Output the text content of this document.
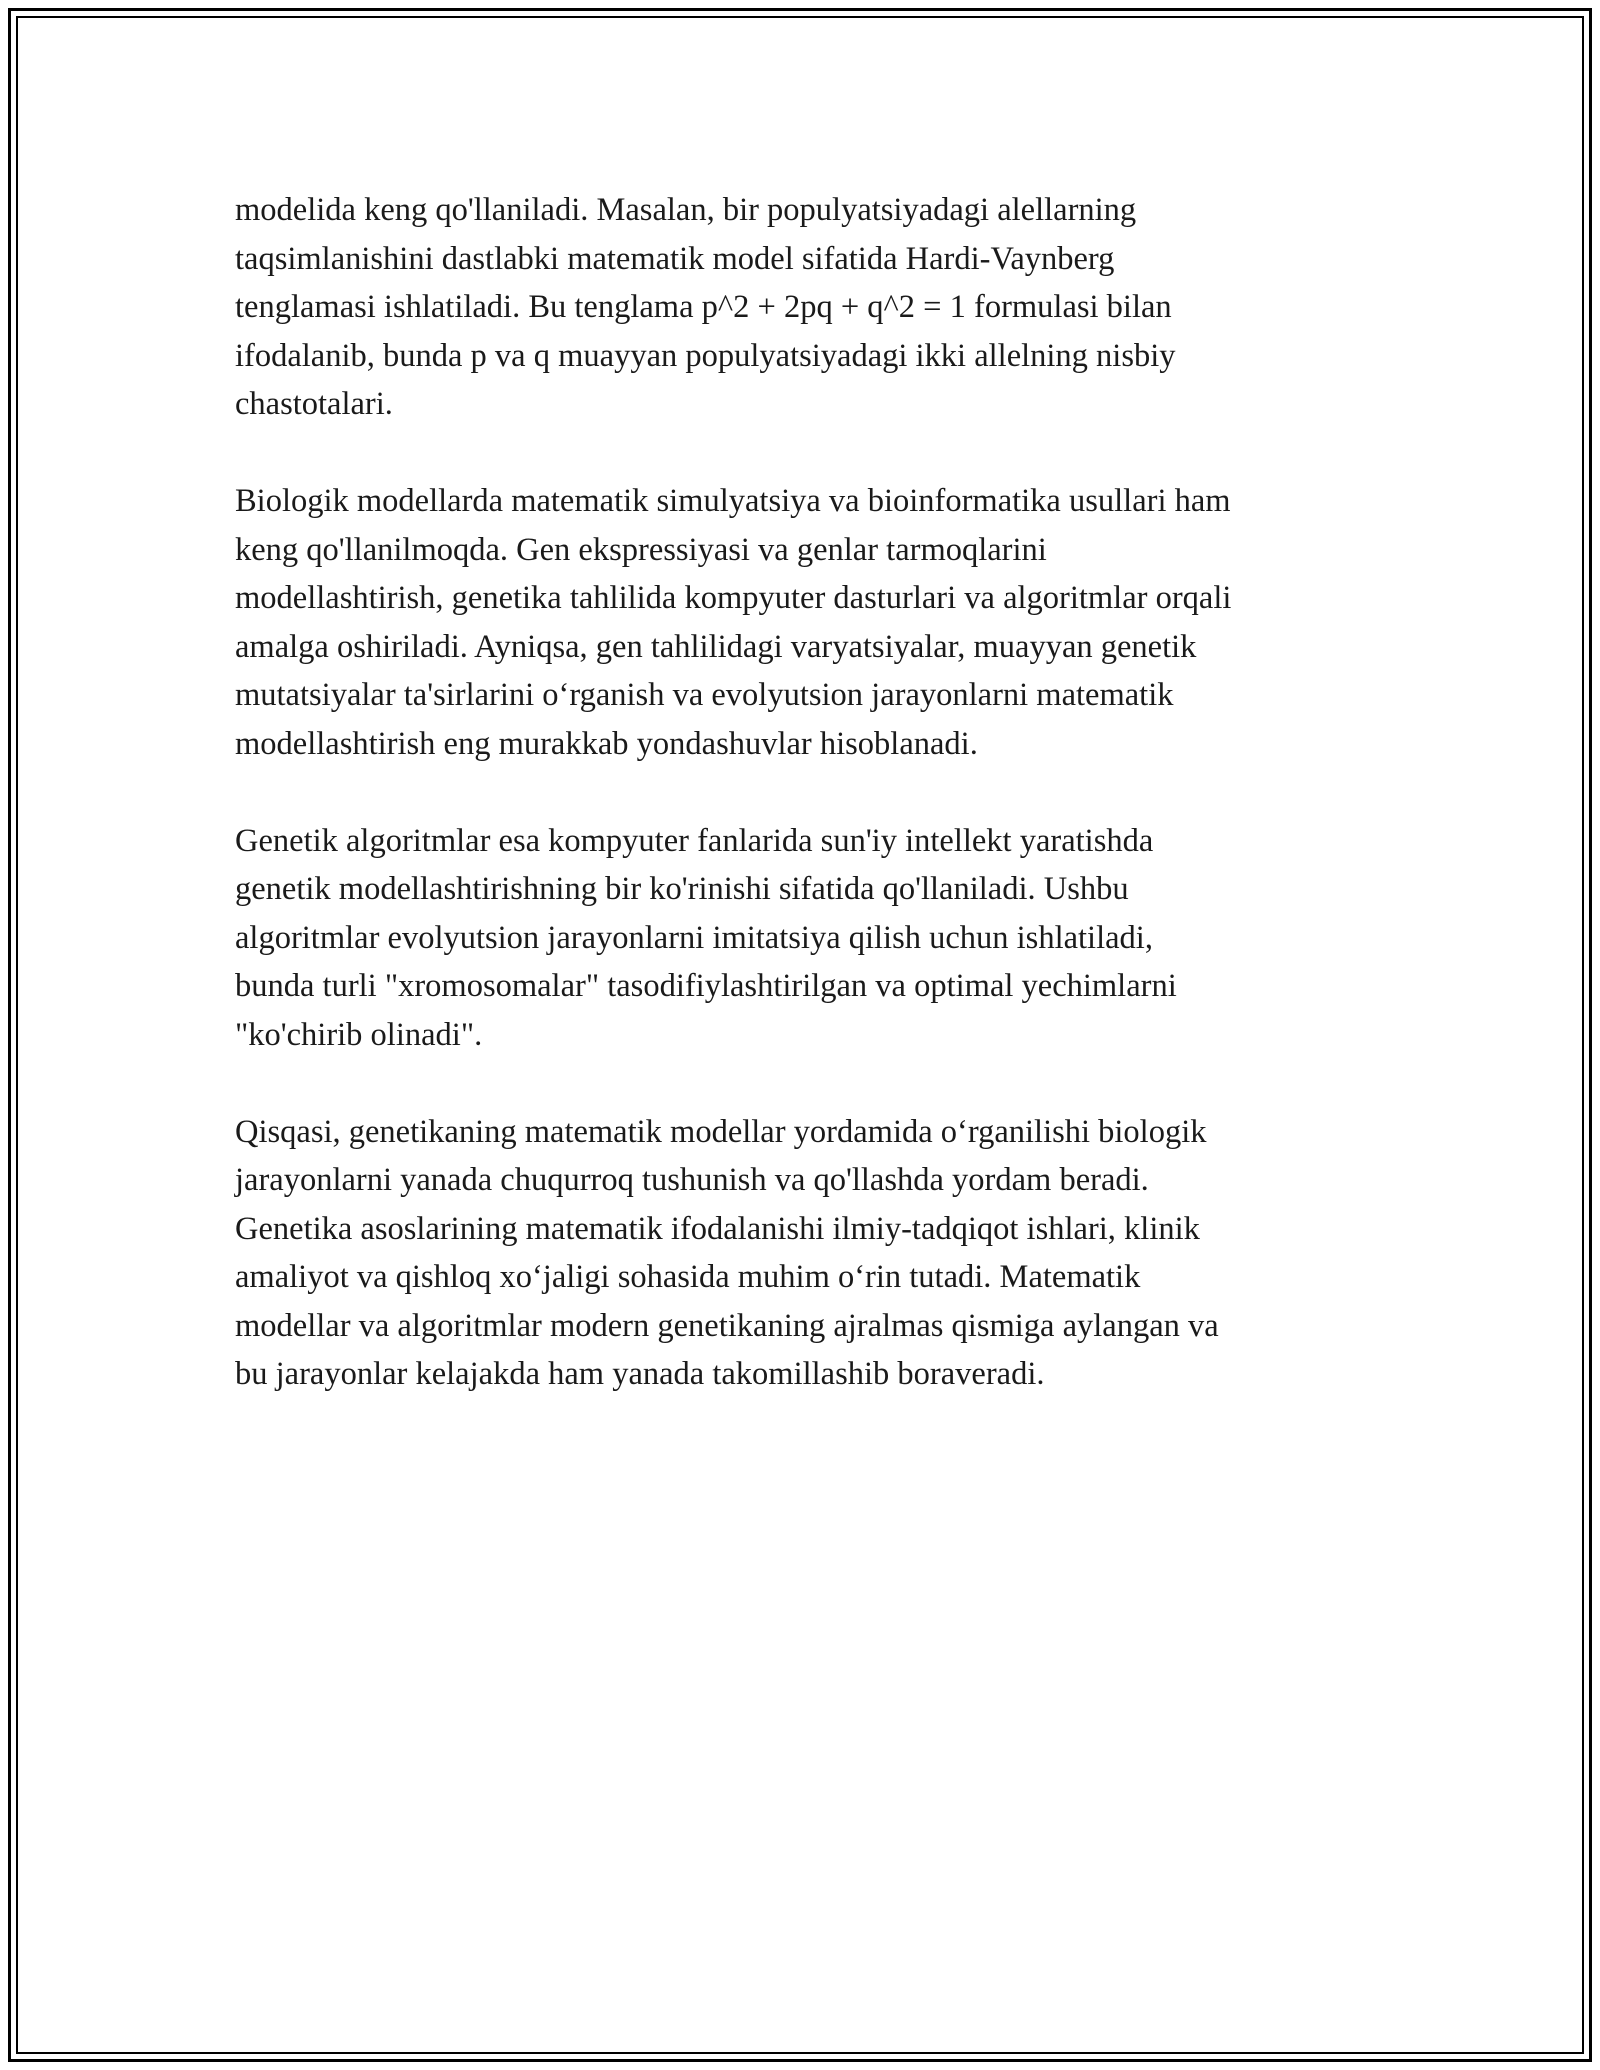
modelida keng qo'llaniladi. Masalan, bir populyatsiyadagi alellarning
taqsimlanishini dastlabki matematik model sifatida Hardi-Vaynberg
tenglamasi ishlatiladi. Bu tenglama p^2 + 2pq + q^2 = 1 formulasi bilan
ifodalanib, bunda p va q muayyan populyatsiyadagi ikki allelning nisbiy
chastotalari.

Biologik modellarda matematik simulyatsiya va bioinformatika usullari ham
keng qo'llanilmoqda. Gen ekspressiyasi va genlar tarmoqlarini
modellashtirish, genetika tahlilida kompyuter dasturlari va algoritmlar orqali
amalga oshiriladi. Ayniqsa, gen tahlilidagi varyatsiyalar, muayyan genetik
mutatsiyalar ta'sirlarini o‘rganish va evolyutsion jarayonlarni matematik
modellashtirish eng murakkab yondashuvlar hisoblanadi.

Genetik algoritmlar esa kompyuter fanlarida sun'iy intellekt yaratishda
genetik modellashtirishning bir ko'rinishi sifatida qo'llaniladi. Ushbu
algoritmlar evolyutsion jarayonlarni imitatsiya qilish uchun ishlatiladi,
bunda turli "xromosomalar" tasodifiylashtirilgan va optimal yechimlarni
"ko'chirib olinadi".

Qisqasi, genetikaning matematik modellar yordamida o‘rganilishi biologik
jarayonlarni yanada chuqurroq tushunish va qo'llashda yordam beradi.
Genetika asoslarining matematik ifodalanishi ilmiy-tadqiqot ishlari, klinik
amaliyot va qishloq xo‘jaligi sohasida muhim o‘rin tutadi. Matematik
modellar va algoritmlar modern genetikaning ajralmas qismiga aylangan va
bu jarayonlar kelajakda ham yanada takomillashib boraveradi.
